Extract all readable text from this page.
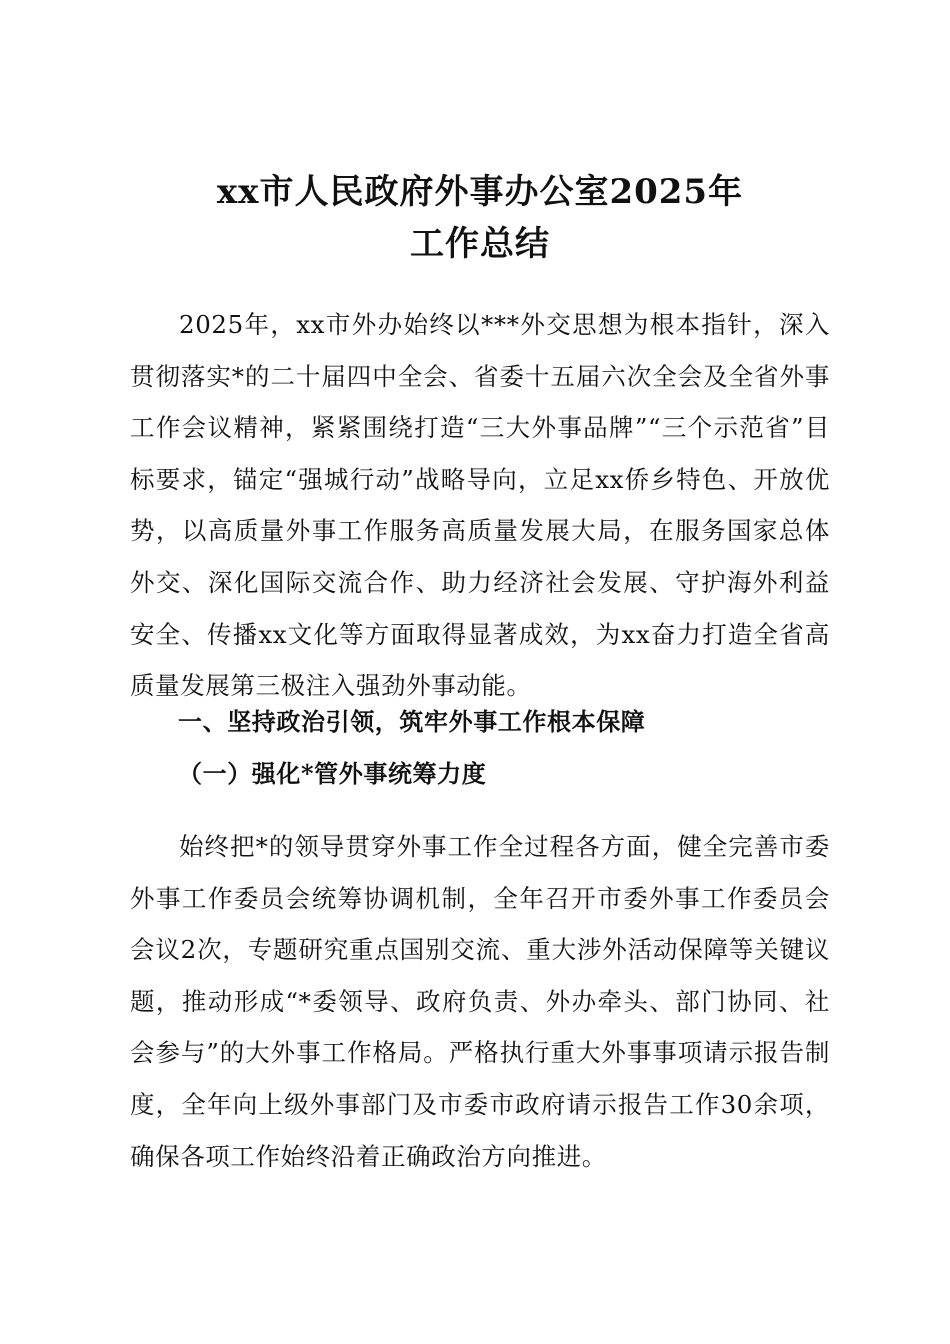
xx市人民政府外事办公室2025年
工作总结

2025年，xx市外办始终以***外交思想为根本指针，深入贯彻落实*的二十届四中全会、省委十五届六次全会及全省外事工作会议精神，紧紧围绕打造“三大外事品牌”“三个示范省”目标要求，锚定“强城行动”战略导向，立足xx侨乡特色、开放优势，以高质量外事工作服务高质量发展大局，在服务国家总体外交、深化国际交流合作、助力经济社会发展、守护海外利益安全、传播xx文化等方面取得显著成效，为xx奋力打造全省高质量发展第三极注入强劲外事动能。

一、坚持政治引领，筑牢外事工作根本保障

（一）强化*管外事统筹力度

始终把*的领导贯穿外事工作全过程各方面，健全完善市委外事工作委员会统筹协调机制，全年召开市委外事工作委员会会议2次，专题研究重点国别交流、重大涉外活动保障等关键议题，推动形成“*委领导、政府负责、外办牵头、部门协同、社会参与”的大外事工作格局。严格执行重大外事事项请示报告制度，全年向上级外事部门及市委市政府请示报告工作30余项，确保各项工作始终沿着正确政治方向推进。
